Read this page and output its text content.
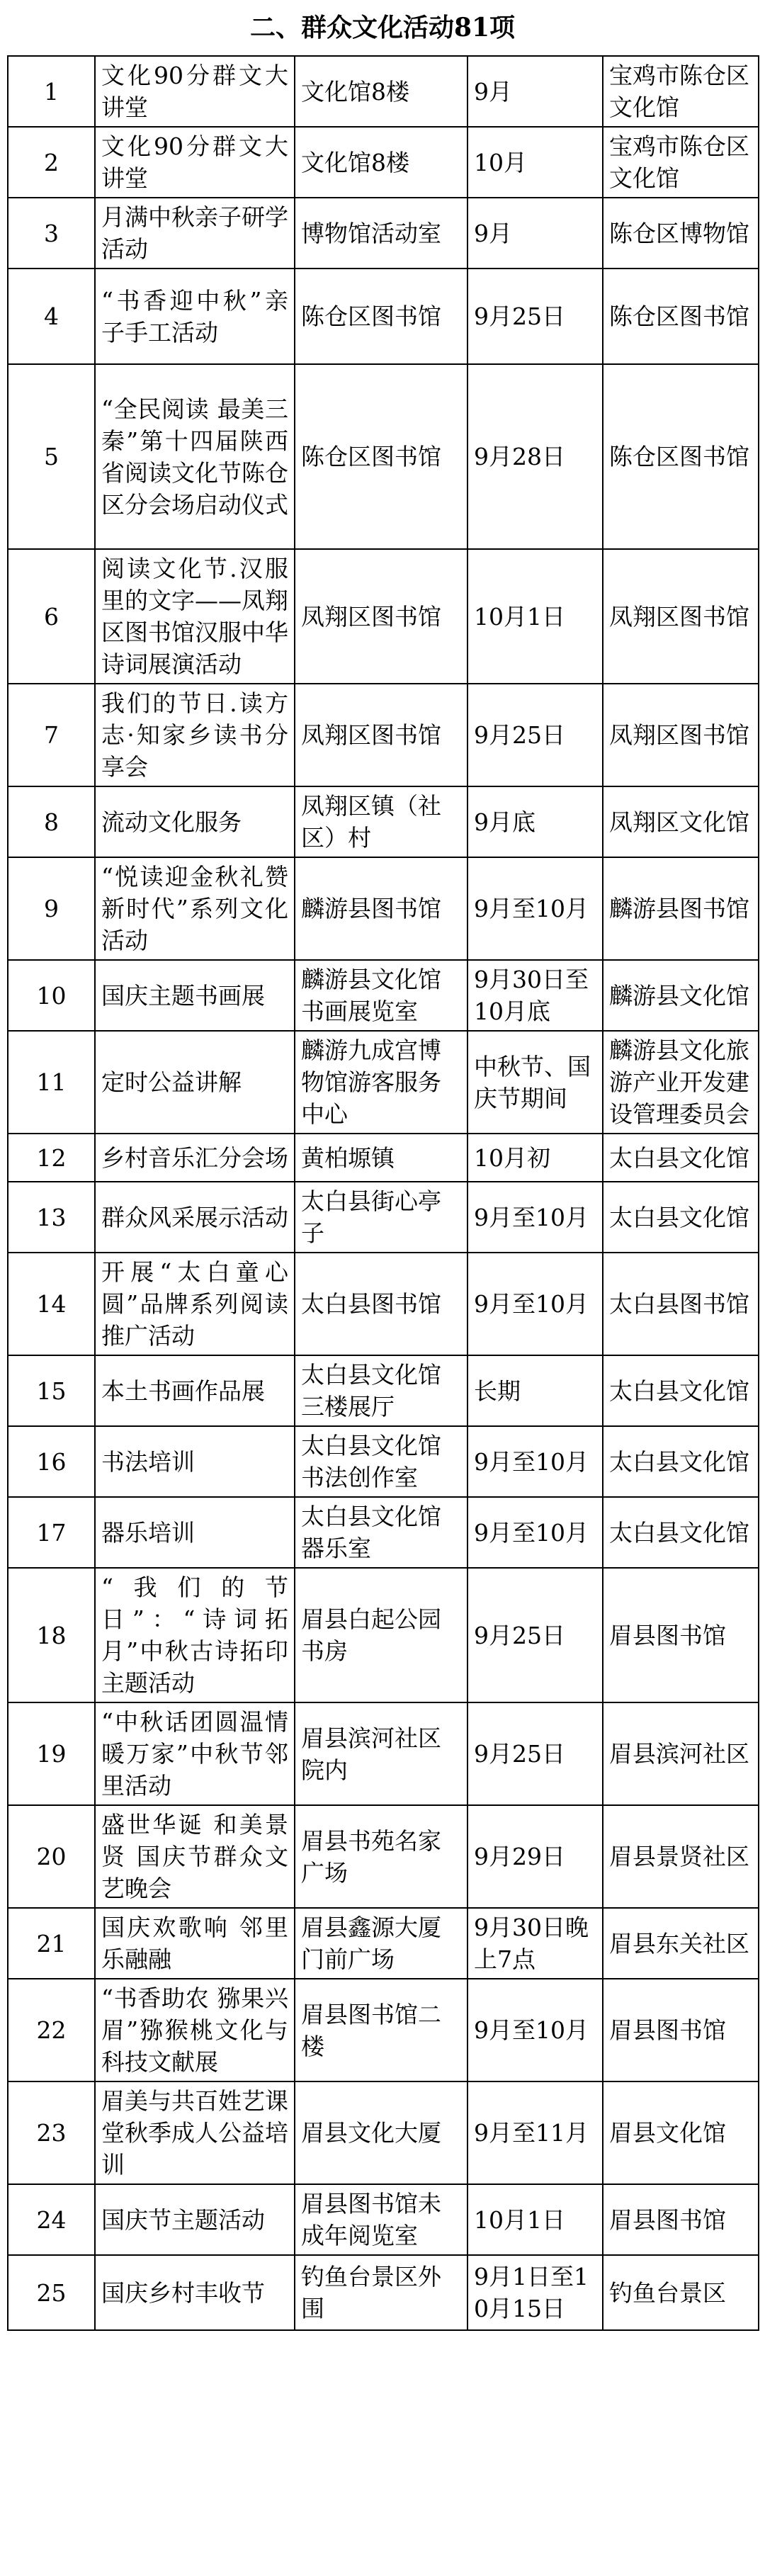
二、群众文化活动81项
1	文化90分群文大讲堂	文化馆8楼	9月	宝鸡市陈仓区文化馆
2	文化90分群文大讲堂	文化馆8楼	10月	宝鸡市陈仓区文化馆
3	月满中秋亲子研学活动	博物馆活动室	9月	陈仓区博物馆
4	“书香迎中秋”亲子手工活动	陈仓区图书馆	9月25日	陈仓区图书馆
5	“全民阅读 最美三秦”第十四届陕西省阅读文化节陈仓区分会场启动仪式	陈仓区图书馆	9月28日	陈仓区图书馆
6	阅读文化节.汉服里的文字——凤翔区图书馆汉服中华诗词展演活动	凤翔区图书馆	10月1日	凤翔区图书馆
7	我们的节日.读方志·知家乡读书分享会	凤翔区图书馆	9月25日	凤翔区图书馆
8	流动文化服务	凤翔区镇（社区）村	9月底	凤翔区文化馆
9	“悦读迎金秋礼赞新时代”系列文化活动	麟游县图书馆	9月至10月	麟游县图书馆
10	国庆主题书画展	麟游县文化馆书画展览室	9月30日至10月底	麟游县文化馆
11	定时公益讲解	麟游九成宫博物馆游客服务中心	中秋节、国庆节期间	麟游县文化旅游产业开发建设管理委员会
12	乡村音乐汇分会场	黄柏塬镇	10月初	太白县文化馆
13	群众风采展示活动	太白县街心亭子	9月至10月	太白县文化馆
14	开展“太白童心圆”品牌系列阅读推广活动	太白县图书馆	9月至10月	太白县图书馆
15	本土书画作品展	太白县文化馆三楼展厅	长期	太白县文化馆
16	书法培训	太白县文化馆书法创作室	9月至10月	太白县文化馆
17	器乐培训	太白县文化馆器乐室	9月至10月	太白县文化馆
18	“我们的节日”：“诗词拓月”中秋古诗拓印主题活动	眉县白起公园书房	9月25日	眉县图书馆
19	“中秋话团圆温情暖万家”中秋节邻里活动	眉县滨河社区院内	9月25日	眉县滨河社区
20	盛世华诞 和美景贤 国庆节群众文艺晚会	眉县书苑名家广场	9月29日	眉县景贤社区
21	国庆欢歌响 邻里乐融融	眉县鑫源大厦门前广场	9月30日晚上7点	眉县东关社区
22	“书香助农 猕果兴眉”猕猴桃文化与科技文献展	眉县图书馆二楼	9月至10月	眉县图书馆
23	眉美与共百姓艺课堂秋季成人公益培训	眉县文化大厦	9月至11月	眉县文化馆
24	国庆节主题活动	眉县图书馆未成年阅览室	10月1日	眉县图书馆
25	国庆乡村丰收节	钓鱼台景区外围	9月1日至10月15日	钓鱼台景区
